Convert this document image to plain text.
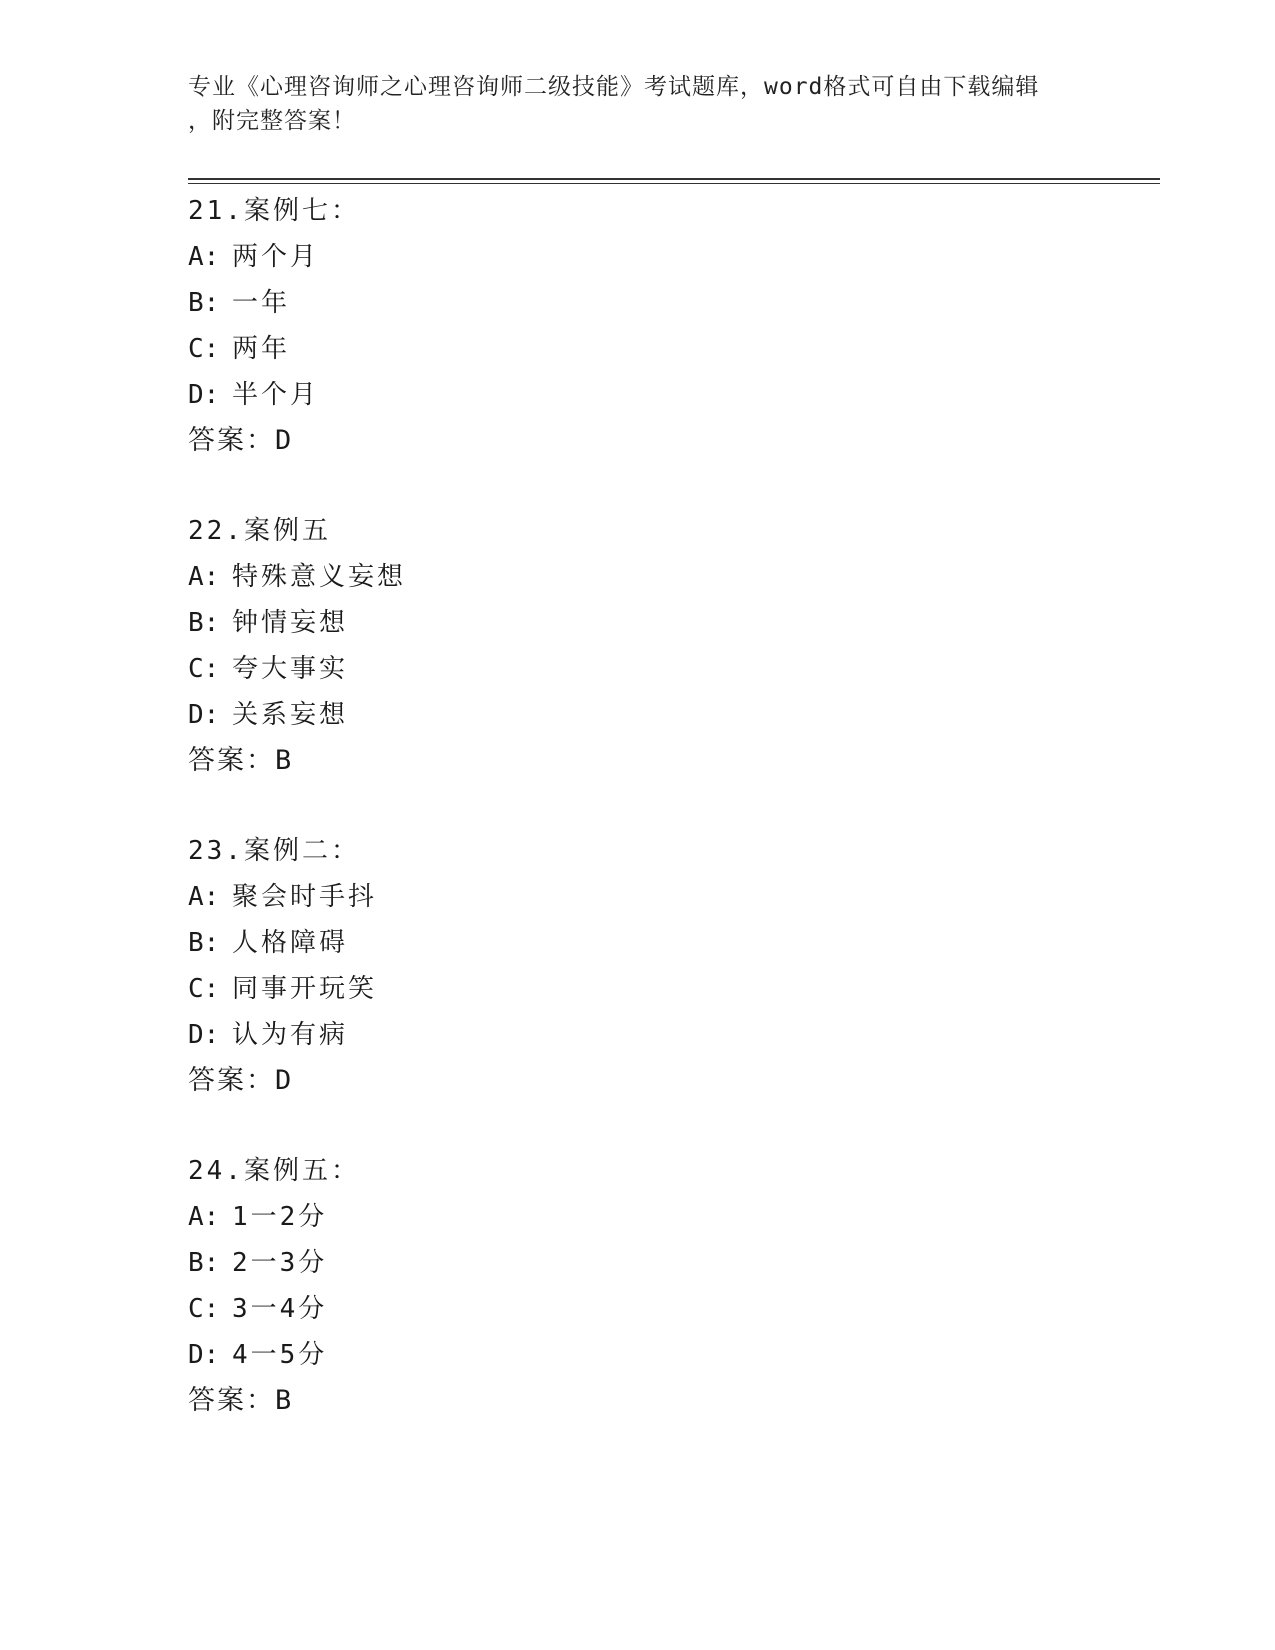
专业《心理咨询师之心理咨询师二级技能》考试题库，word格式可自由下载编辑
，附完整答案！
21.案例七：
A: 两个月
B: 一年
C: 两年
D: 半个月
答案：D
22.案例五
A: 特殊意义妄想
B: 钟情妄想
C: 夸大事实
D: 关系妄想
答案：B
23.案例二：
A: 聚会时手抖
B: 人格障碍
C: 同事开玩笑
D: 认为有病
答案：D
24.案例五：
A: 1一2分
B: 2一3分
C: 3一4分
D: 4一5分
答案：B
